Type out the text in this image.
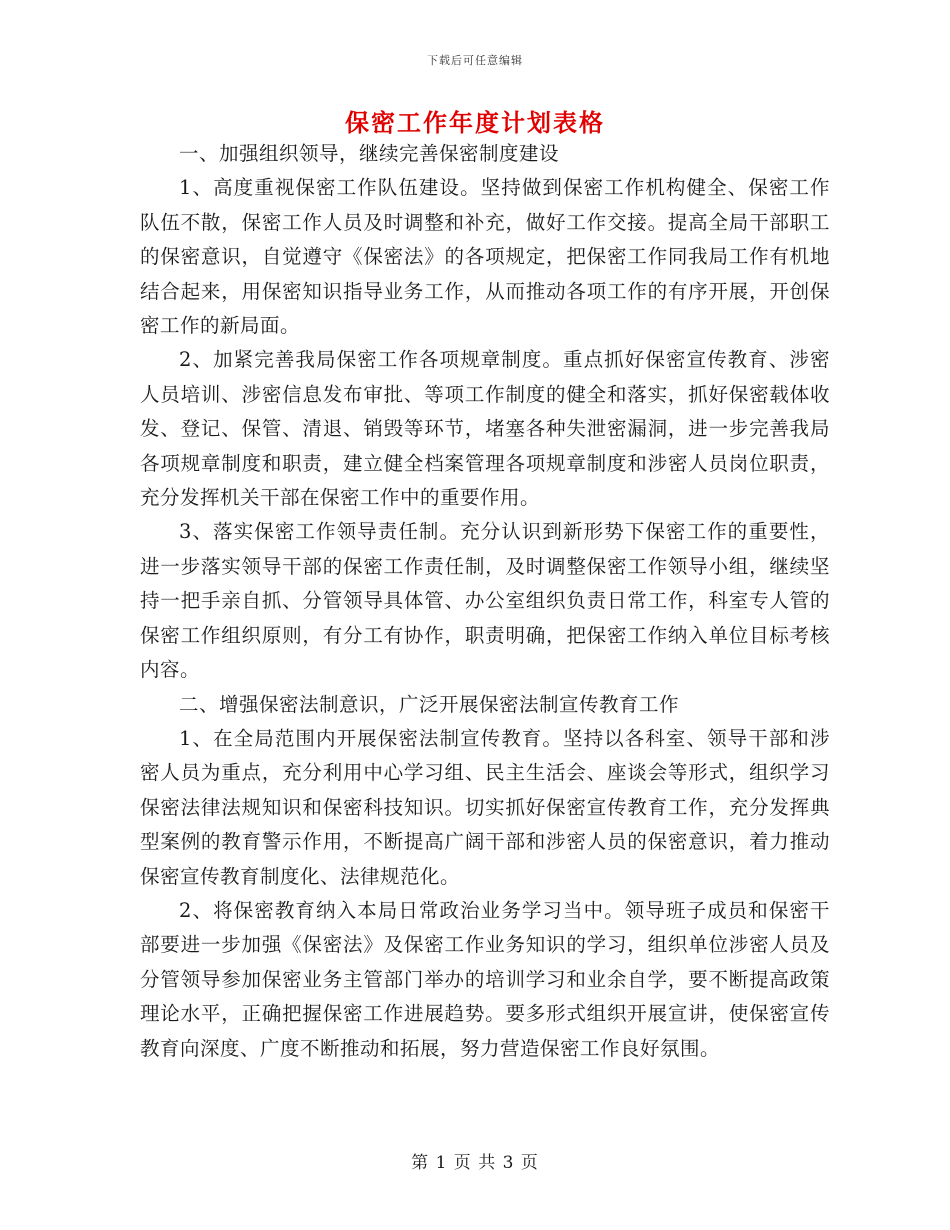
下载后可任意编辑
保密工作年度计划表格

一、加强组织领导，继续完善保密制度建设

1、高度重视保密工作队伍建设。坚持做到保密工作机构健全、保密工作队伍不散，保密工作人员及时调整和补充，做好工作交接。提高全局干部职工的保密意识，自觉遵守《保密法》的各项规定，把保密工作同我局工作有机地结合起来，用保密知识指导业务工作，从而推动各项工作的有序开展，开创保密工作的新局面。

2、加紧完善我局保密工作各项规章制度。重点抓好保密宣传教育、涉密人员培训、涉密信息发布审批、等项工作制度的健全和落实，抓好保密载体收发、登记、保管、清退、销毁等环节，堵塞各种失泄密漏洞，进一步完善我局各项规章制度和职责，建立健全档案管理各项规章制度和涉密人员岗位职责，充分发挥机关干部在保密工作中的重要作用。

3、落实保密工作领导责任制。充分认识到新形势下保密工作的重要性，进一步落实领导干部的保密工作责任制，及时调整保密工作领导小组，继续坚持一把手亲自抓、分管领导具体管、办公室组织负责日常工作，科室专人管的保密工作组织原则，有分工有协作，职责明确，把保密工作纳入单位目标考核内容。

二、增强保密法制意识，广泛开展保密法制宣传教育工作

1、在全局范围内开展保密法制宣传教育。坚持以各科室、领导干部和涉密人员为重点，充分利用中心学习组、民主生活会、座谈会等形式，组织学习保密法律法规知识和保密科技知识。切实抓好保密宣传教育工作，充分发挥典型案例的教育警示作用，不断提高广阔干部和涉密人员的保密意识，着力推动保密宣传教育制度化、法律规范化。

2、将保密教育纳入本局日常政治业务学习当中。领导班子成员和保密干部要进一步加强《保密法》及保密工作业务知识的学习，组织单位涉密人员及分管领导参加保密业务主管部门举办的培训学习和业余自学，要不断提高政策理论水平，正确把握保密工作进展趋势。要多形式组织开展宣讲，使保密宣传教育向深度、广度不断推动和拓展，努力营造保密工作良好氛围。

第 1 页 共 3 页
